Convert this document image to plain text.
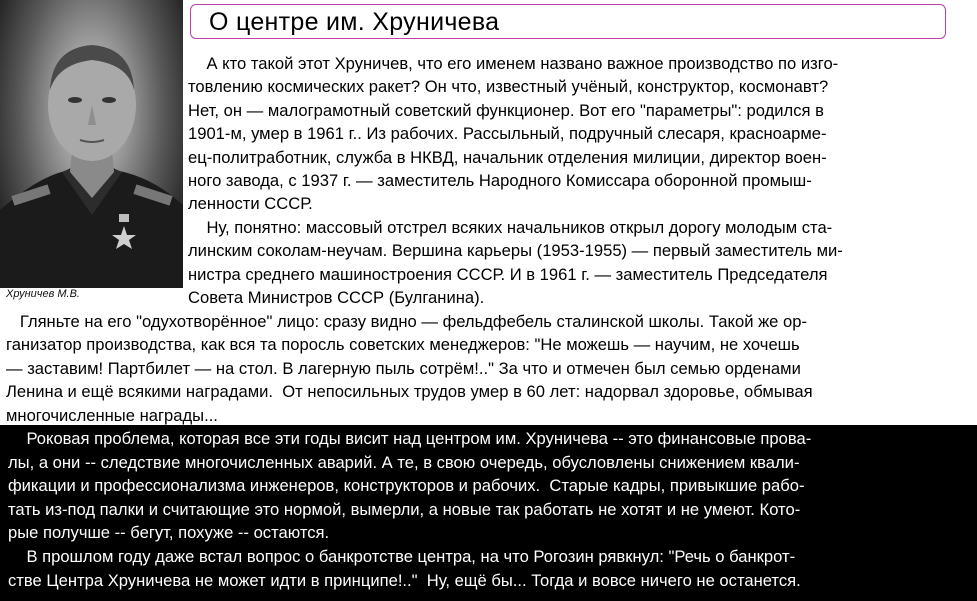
Хруничев М.В.
О центре им. Хруничева
А кто такой этот Хруничев, что его именем названо важное производство по изго-
товлению космических ракет? Он что, известный учёный, конструктор, космонавт?
Нет, он — малограмотный советский функционер. Вот его "параметры": родился в
1901-м, умер в 1961 г.. Из рабочих. Рассыльный, подручный слесаря, красноарме-
ец-политработник, служба в НКВД, начальник отделения милиции, директор воен-
ного завода, с 1937 г. — заместитель Народного Комиссара оборонной промыш-
ленности СССР.
Ну, понятно: массовый отстрел всяких начальников открыл дорогу молодым ста-
линским соколам-неучам. Вершина карьеры (1953-1955) — первый заместитель ми-
нистра среднего машиностроения СССР. И в 1961 г. — заместитель Председателя
Совета Министров СССР (Булганина).
Гляньте на его "одухотворённое" лицо: сразу видно — фельдфебель сталинской школы. Такой же ор-
ганизатор производства, как вся та поросль советских менеджеров: "Не можешь — научим, не хочешь
— заставим! Партбилет — на стол. В лагерную пыль сотрём!.." За что и отмечен был семью орденами
Ленина и ещё всякими наградами.  От непосильных трудов умер в 60 лет: надорвал здоровье, обмывая
многочисленные награды...
Роковая проблема, которая все эти годы висит над центром им. Хруничева -- это финансовые прова-
лы, а они -- следствие многочисленных аварий. А те, в свою очередь, обусловлены снижением квали-
фикации и профессионализма инженеров, конструкторов и рабочих.  Старые кадры, привыкшие рабо-
тать из-под палки и считающие это нормой, вымерли, а новые так работать не хотят и не умеют. Кото-
рые получше -- бегут, похуже -- остаются.
В прошлом году даже встал вопрос о банкротстве центра, на что Рогозин рявкнул: "Речь о банкрот-
стве Центра Хруничева не может идти в принципе!.."  Ну, ещё бы... Тогда и вовсе ничего не останется.
